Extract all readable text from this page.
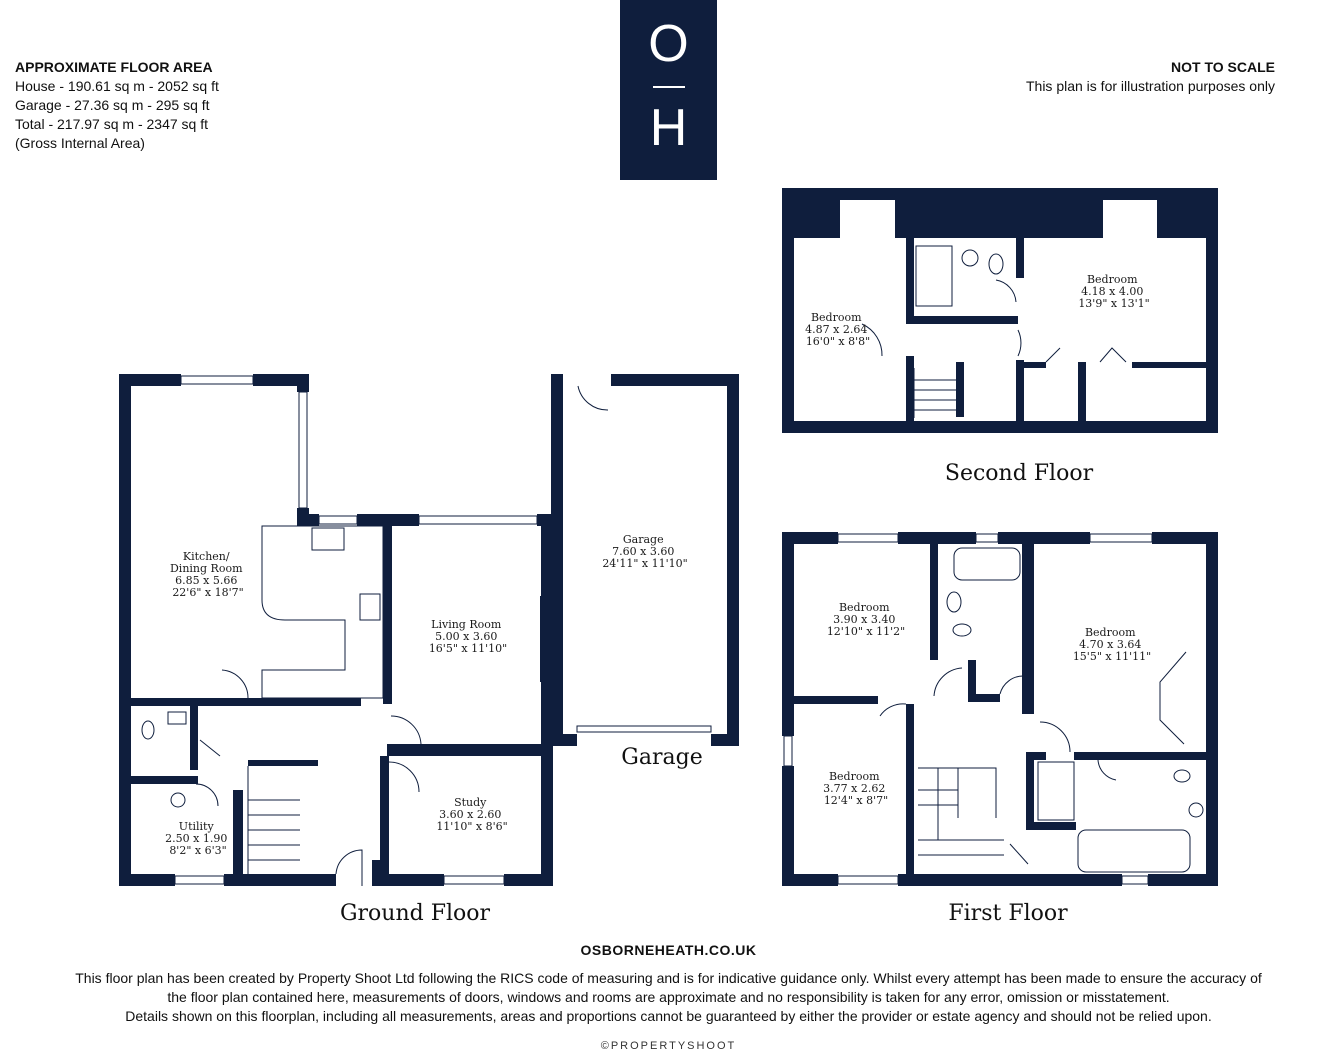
APPROXIMATE FLOOR AREA
House - 190.61 sq m - 2052 sq ft
Garage - 27.36 sq m - 295 sq ft
Total - 217.97 sq m - 2347 sq ft
(Gross Internal Area)
NOT TO SCALE
This plan is for illustration purposes only
O
H
Kitchen/ Dining Room 6.85 x 5.66 22'6" x 18'7"
Living Room 5.00 x 3.60 16'5" x 11'10"
Study 3.60 x 2.60 11'10" x 8'6"
Utility 2.50 x 1.90 8'2" x 6'3"
Garage 7.60 x 3.60 24'11" x 11'10"
Bedroom 4.87 x 2.64 16'0" x 8'8"
Bedroom 4.18 x 4.00 13'9" x 13'1"
Bedroom 3.90 x 3.40 12'10" x 11'2"	Bedroom 4.70 x 3.64 15'5" x 11'11"
Bedroom 3.77 x 2.62 12'4" x 8'7"
Ground Floor
Garage
Second Floor
First Floor
OSBORNEHEATH.CO.UK
This floor plan has been created by Property Shoot Ltd following the RICS code of measuring and is for indicative guidance only. Whilst every attempt has been made to ensure the accuracy of
the floor plan contained here, measurements of doors, windows and rooms are approximate and no responsibility is taken for any error, omission or misstatement.
Details shown on this floorplan, including all measurements, areas and proportions cannot be guaranteed by either the provider or estate agency and should not be relied upon.
©PROPERTYSHOOT
